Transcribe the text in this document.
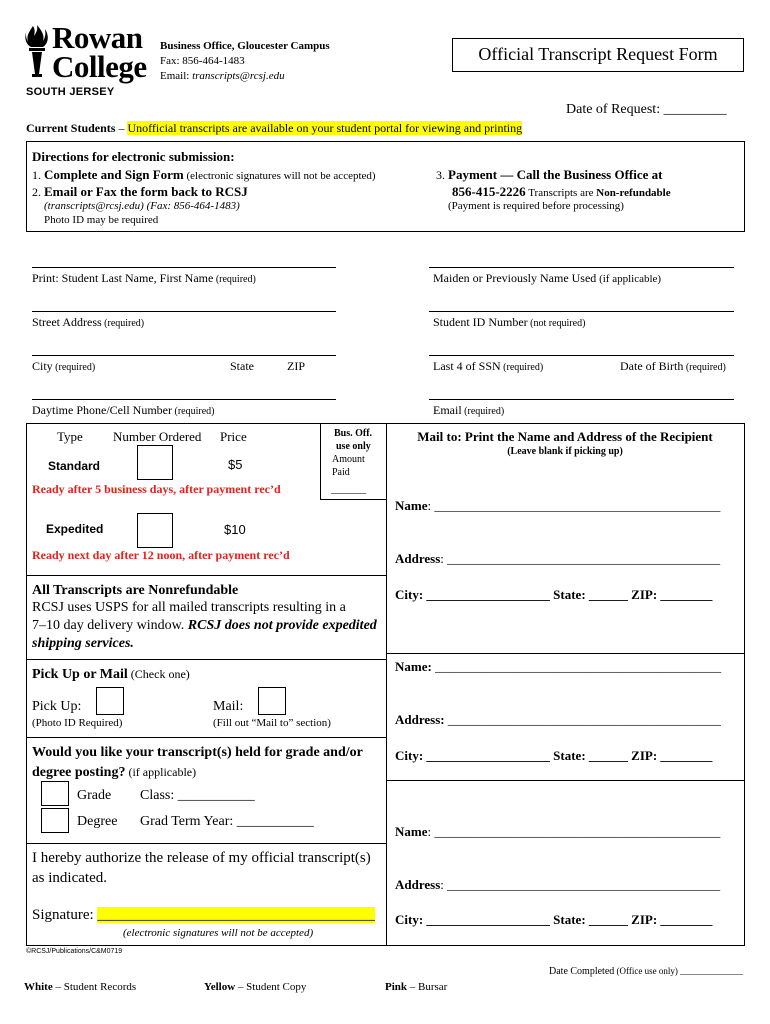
Rowan
College
SOUTH JERSEY
Business Office, Gloucester Campus
Fax: 856-464-1483
Email: transcripts@rcsj.edu
Official Transcript Request Form
Date of Request: _________
Current Students – Unofficial transcripts are available on your student portal for viewing and printing
Directions for electronic submission:
1. Complete and Sign Form (electronic signatures will not be accepted)
2. Email or Fax the form back to RCSJ
(transcripts@rcsj.edu) (Fax: 856-464-1483)
Photo ID may be required
3. Payment — Call the Business Office at
856-415-2226 Transcripts are Non-refundable
(Payment is required before processing)
Print: Student Last Name, First Name (required)	Maiden or Previously Name Used (if applicable)
Street Address (required)	Student ID Number (not required)
City (required)	State	ZIP	Last 4 of SSN (required)	Date of Birth (required)
Daytime Phone/Cell Number (required)	Email (required)
Type Number Ordered Price
Standard	$5
Ready after 5 business days, after payment rec’d
Expedited	$10
Ready next day after 12 noon, after payment rec’d
Bus. Off.
use only
Amount
Paid
_______
All Transcripts are Nonrefundable
RCSJ uses USPS for all mailed transcripts resulting in a
7–10 day delivery window. RCSJ does not provide expedited
shipping services.
Pick Up or Mail (Check one)
Pick Up:
(Photo ID Required)
Mail:
(Fill out “Mail to” section)
Would you like your transcript(s) held for grade and/or
degree posting? (if applicable)
Grade Class: ___________
Degree Grad Term Year: ___________
I hereby authorize the release of my official transcript(s)
as indicated.
Signature: _____________________________________
(electronic signatures will not be accepted)
Mail to: Print the Name and Address of the Recipient
(Leave blank if picking up)
Name: ____________________________________________
Address: __________________________________________
City: ___________________ State: ______ ZIP: ________
Name: ____________________________________________
Address: __________________________________________
City: ___________________ State: ______ ZIP: ________
Name: ____________________________________________
Address: __________________________________________
City: ___________________ State: ______ ZIP: ________
©RCSJ/Publications/C&M0719
Date Completed (Office use only) ______________
White – Student Records	Yellow – Student Copy	Pink – Bursar
